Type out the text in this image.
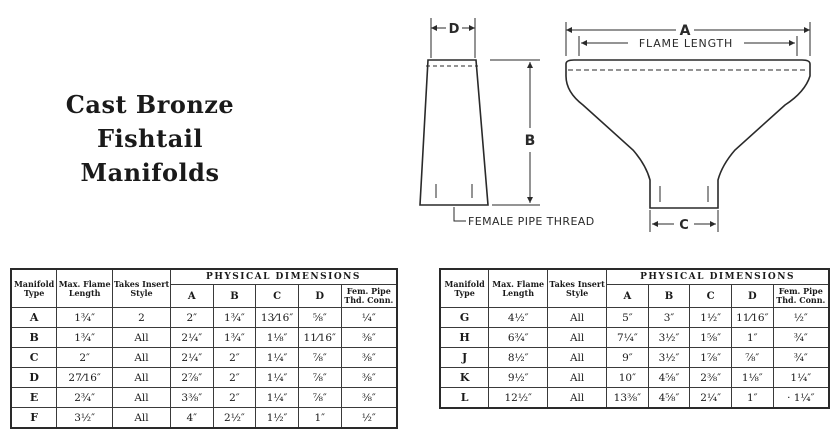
Cast Bronze
Fishtail
Manifolds
D	A
B
C
FLAME LENGTH
FEMALE PIPE THREAD
Manifold Type	Max. Flame Length	Takes Insert Style	PHYSICAL DIMENSIONS				
			A	B	C	D	Fem. Pipe Thd. Conn.
A	1¾″	2	2″	1¾″	13⁄16″	⅝″	¼″
B	1¾″	All	2¼″	1¾″	1⅛″	11⁄16″	⅜″
C	2″	All	2¼″	2″	1¼″	⅞″	⅜″
D	27⁄16″	All	2⅞″	2″	1¼″	⅞″	⅜″
E	2¾″	All	3⅜″	2″	1¼″	⅞″	⅜″
F	3½″	All	4″	2½″	1½″	1″	½″
Manifold Type	Max. Flame Length	Takes Insert Style	PHYSICAL DIMENSIONS				
			A	B	C	D	Fem. Pipe Thd. Conn.
G	4½″	All	5″	3″	1½″	11⁄16″	½″
H	6¾″	All	7¼″	3½″	1⅝″	1″	¾″
J	8½″	All	9″	3½″	1⅞″	⅞″	¾″
K	9½″	All	10″	4⅝″	2⅜″	1⅛″	1¼″
L	12½″	All	13⅜″	4⅝″	2¼″	1″	· 1¼″
